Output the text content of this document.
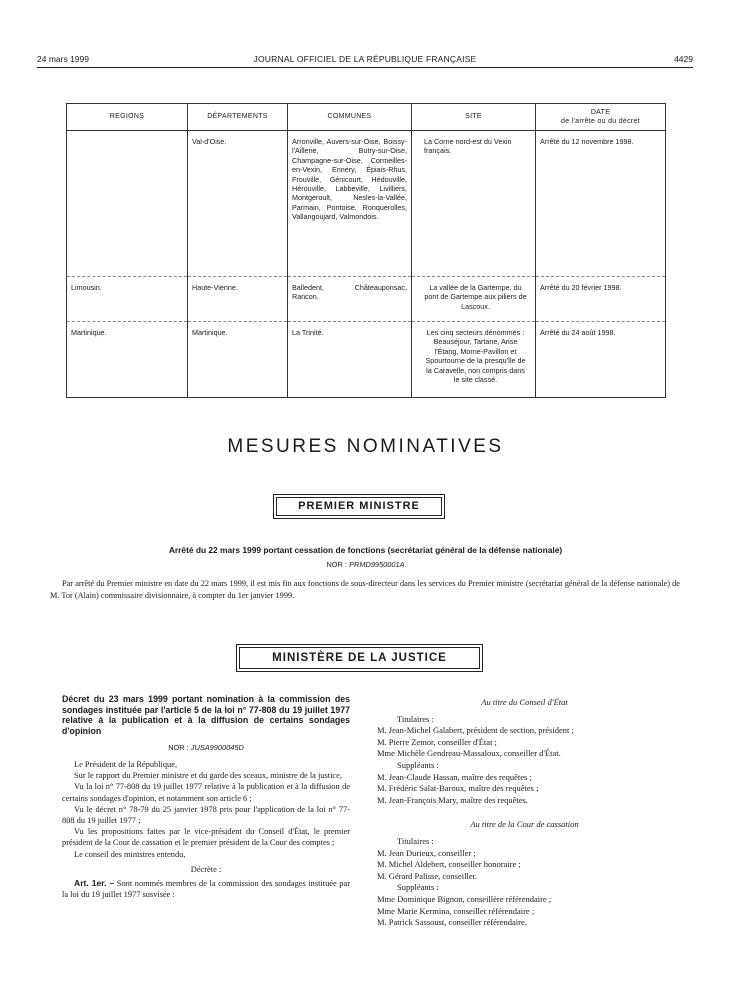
24 mars 1999	JOURNAL OFFICIEL DE LA RÉPUBLIQUE FRANÇAISE	4429
REGIONS	DÉPARTEMENTS	COMMUNES	SITE	DATE
de l'arrête ou du décret

	Val-d'Oise.	Arronville, Auvers-sur-Oise, Boissy-l'Aillerie, Butry-sur-Oise, Champagne-sur-Oise, Cormeilles-en-Vexin, Ennery, Épiais-Rhus, Frouville, Génicourt, Hédouville, Hérouville, Labbeville, Livilliers, Montgeroult, Nesles-la-Vallée, Parmain, Pontoise, Ronquerolles, Vallangoujard, Valmondois.	La Corne nord-est du Vexin français.	Arrêté du 12 novembre 1998.
Limousin.	Haute-Vienne.	Balledent, Châteauponsac, Rancon.	La vallée de la Gartempe, du pont de Gartempe aux piliers de Lascoux.	Arrêté du 20 février 1998.
Martinique.	Martinique.	La Trinité.	Les cinq secteurs dénommés : Beauséjour, Tartane, Anse l'Étang, Morne-Pavillon et Spourtourne de la presqu'île de la Caravelle, non compris dans le site classé.	Arrêté du 24 août 1998.
MESURES NOMINATIVES
PREMIER MINISTRE
Arrêté du 22 mars 1999 portant cessation de fonctions (secrétariat général de la défense nationale)
NOR : PRMD9950001A
Par arrêté du Premier ministre en date du 22 mars 1999, il est mis fin aux fonctions de sous-directeur dans les services du Premier ministre (secrétariat général de la défense nationale) de M. Tor (Alain) commissaire divisionnaire, à compter du 1er janvier 1999.
MINISTÈRE DE LA JUSTICE
Décret du 23 mars 1999 portant nomination à la commission des sondages instituée par l'article 5 de la loi n° 77-808 du 19 juillet 1977 relative à la publication et à la diffusion de certains sondages d'opinion
NOR : JUSA9900045D

Le Président de la République,

Sur le rapport du Premier ministre et du garde des sceaux, ministre de la justice,

Vu la loi n° 77-808 du 19 juillet 1977 relative à la publication et à la diffusion de certains sondages d'opinion, et notamment son article 6 ;

Vu le décret n° 78-79 du 25 janvier 1978 pris pour l'application de la loi n° 77-808 du 19 juillet 1977 ;

Vu les propositions faites par le vice-président du Conseil d'État, le premier président de la Cour de cassation et le premier président de la Cour des comptes ;

Le conseil des ministres entendu,

Décrète :

Art. 1er. – Sont nommés membres de la commission des sondages instituée par la loi du 19 juillet 1977 susvisée :

Au titre du Conseil d'État
Titulaires :
M. Jean-Michel Galabert, président de section, président ;
M. Pierre Zemor, conseiller d'État ;
Mme Michèle Gendreau-Massaloux, conseiller d'État.
Suppléants :
M. Jean-Claude Hassan, maître des requêtes ;
M. Frédéric Salat-Baroux, maître des requêtes ;
M. Jean-François Mary, maître des requêtes.
Au titre de la Cour de cassation
Titulaires :
M. Jean Durieux, conseiller ;
M. Michel Aldebert, conseiller honoraire ;
M. Gérard Palisse, conseiller.
Suppléants :
Mme Dominique Bignon, conseillère référendaire ;
Mme Marie Kermina, conseiller référendaire ;
M. Patrick Sassoust, conseiller référendaire.
